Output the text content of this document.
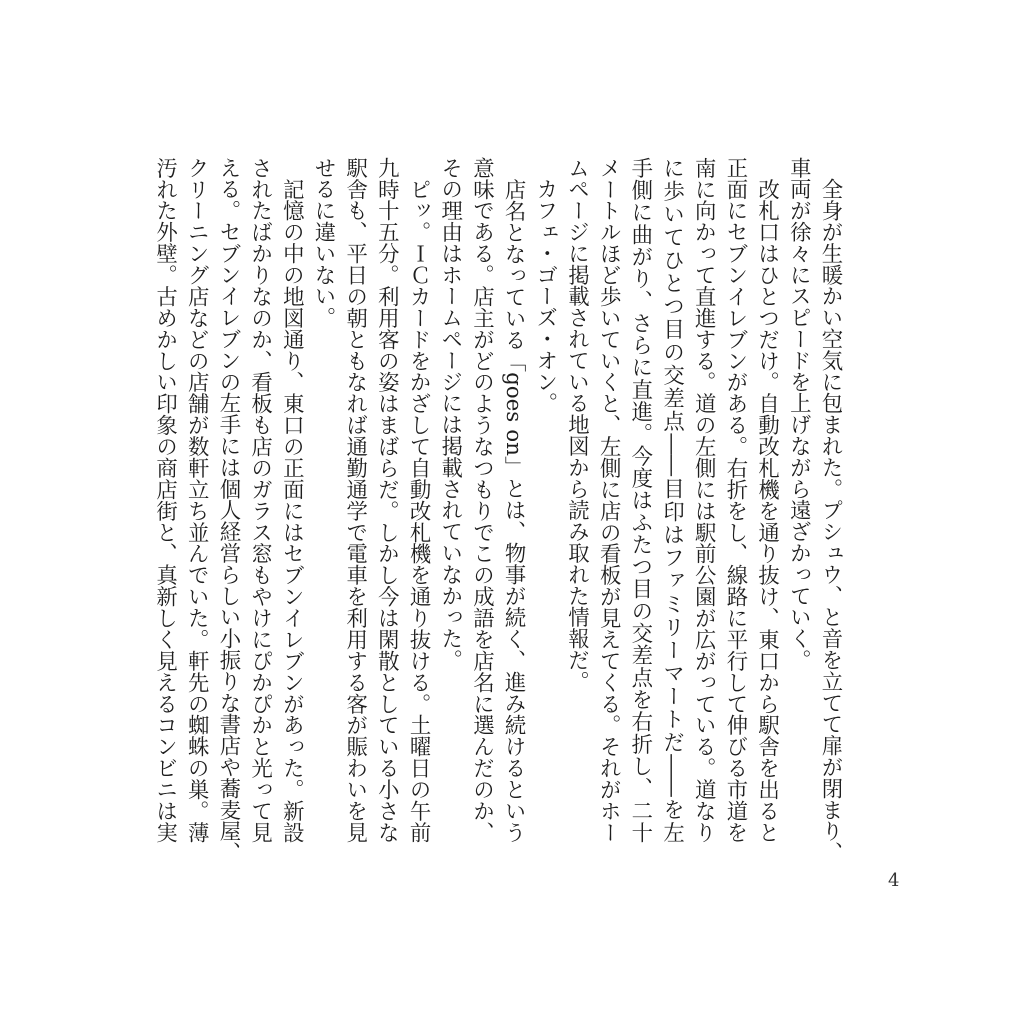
　全身が生暖かい空気に包まれた。プシュウ、と音を立てて扉が閉まり、
車両が徐々にスピードを上げながら遠ざかっていく。
　改札口はひとつだけ。自動改札機を通り抜け、東口から駅舎を出ると
正面にセブンイレブンがある。右折をし、線路に平行して伸びる市道を
南に向かって直進する。道の左側には駅前公園が広がっている。道なり
に歩いてひとつ目の交差点――目印はファミリーマートだ――を左
手側に曲がり、さらに直進。今度はふたつ目の交差点を右折し、二十
メートルほど歩いていくと、左側に店の看板が見えてくる。それがホー
ムページに掲載されている地図から読み取れた情報だ。
　カフェ・ゴーズ・オン。
　店名となっている「goes on」とは、物事が続く、進み続けるという
意味である。店主がどのようなつもりでこの成語を店名に選んだのか、
その理由はホームページには掲載されていなかった。
　ピッ。ＩＣカードをかざして自動改札機を通り抜ける。土曜日の午前
九時十五分。利用客の姿はまばらだ。しかし今は閑散としている小さな
駅舎も、平日の朝ともなれば通勤通学で電車を利用する客が賑わいを見
せるに違いない。
　記憶の中の地図通り、東口の正面にはセブンイレブンがあった。新設
されたばかりなのか、看板も店のガラス窓もやけにぴかぴかと光って見
える。セブンイレブンの左手には個人経営らしい小振りな書店や蕎麦屋、
クリーニング店などの店舗が数軒立ち並んでいた。軒先の蜘蛛の巣。薄
汚れた外壁。古めかしい印象の商店街と、真新しく見えるコンビニは実
4
